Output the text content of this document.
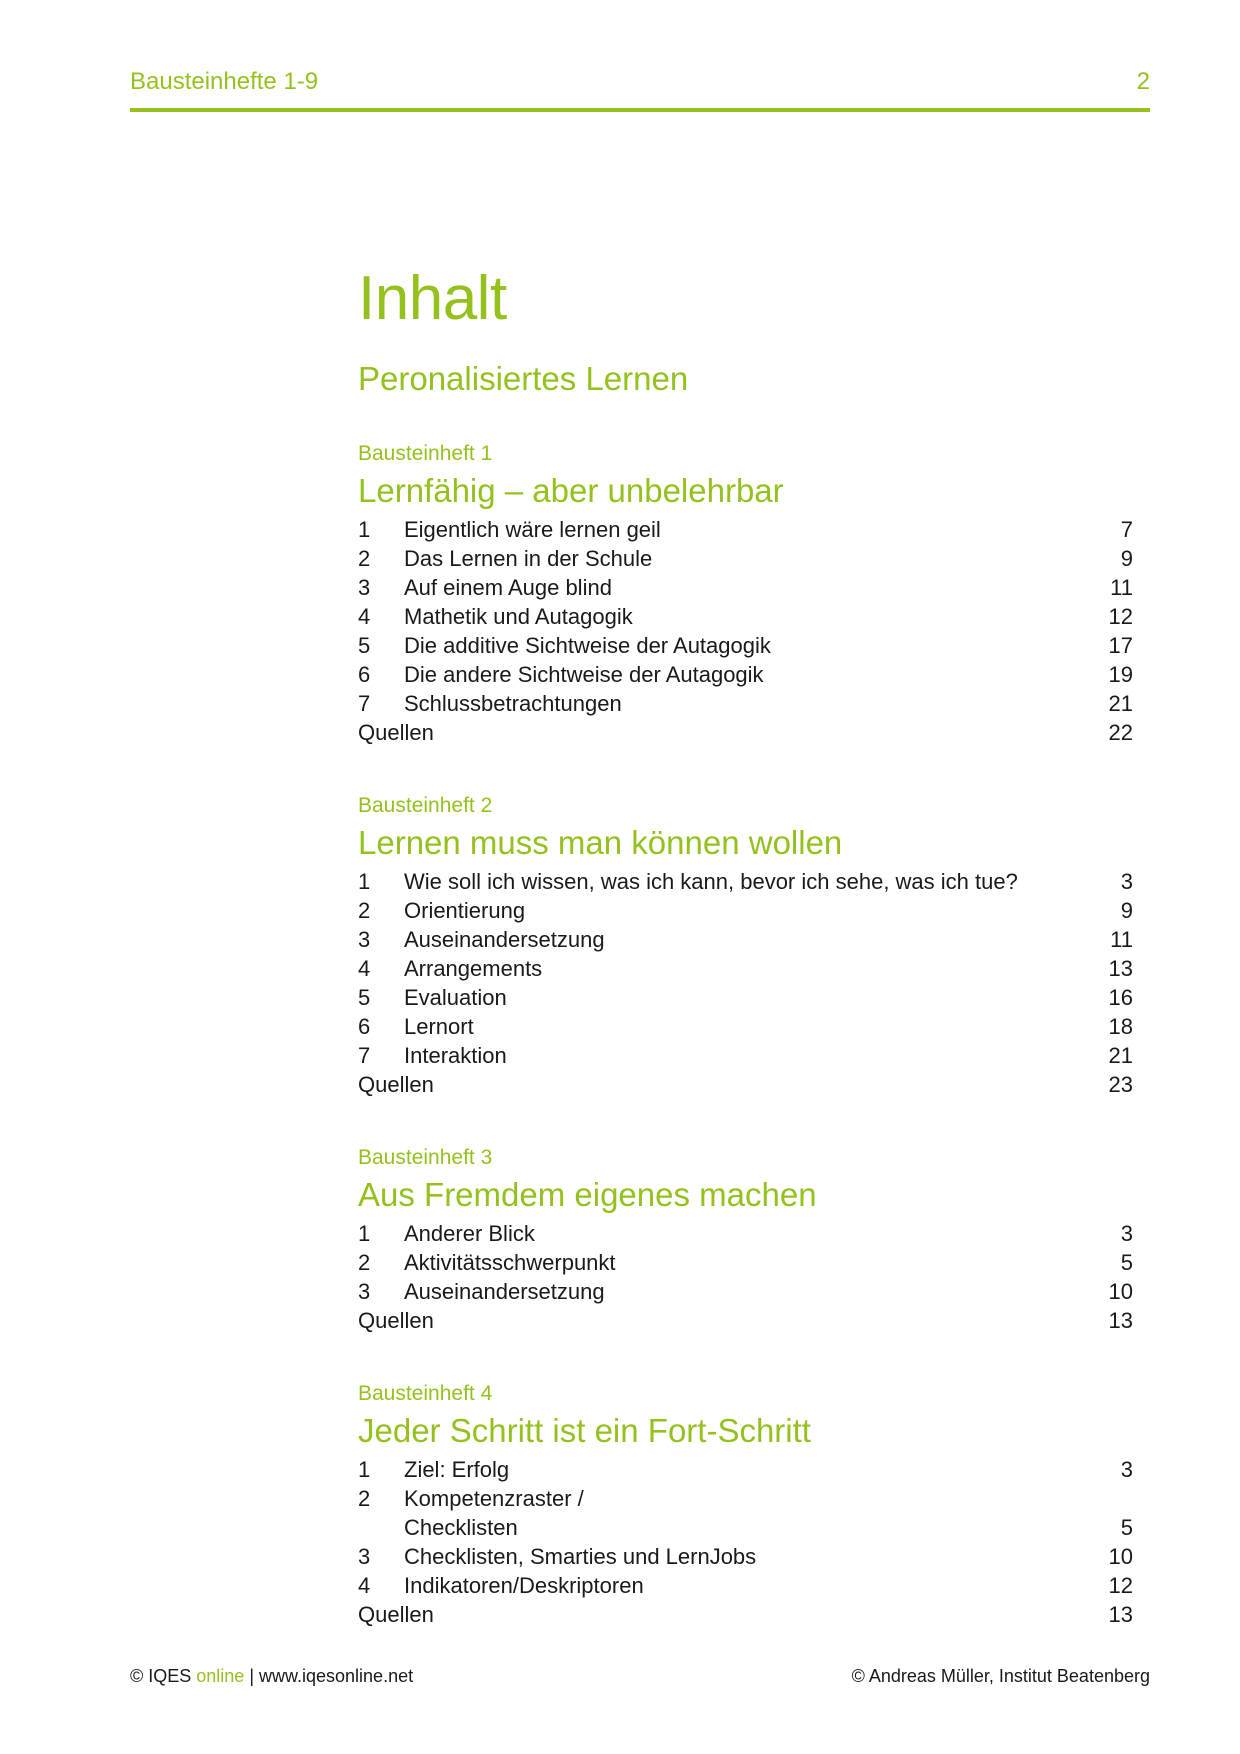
Bausteinhefte 1-9	2
Inhalt
Peronalisiertes Lernen
Bausteinheft 1
Lernfähig – aber unbelehrbar
1	Eigentlich wäre lernen geil	7
2	Das Lernen in der Schule	9
3	Auf einem Auge blind	11
4	Mathetik und Autagogik	12
5	Die additive Sichtweise der Autagogik	17
6	Die andere Sichtweise der Autagogik	19
7	Schlussbetrachtungen	21
Quellen	22
Bausteinheft 2
Lernen muss man können wollen
1	Wie soll ich wissen, was ich kann, bevor ich sehe, was ich tue?	3
2	Orientierung	9
3	Auseinandersetzung	11
4	Arrangements	13
5	Evaluation	16
6	Lernort	18
7	Interaktion	21
Quellen	23
Bausteinheft 3
Aus Fremdem eigenes machen
1	Anderer Blick	3
2	Aktivitätsschwerpunkt	5
3	Auseinandersetzung	10
Quellen	13
Bausteinheft 4
Jeder Schritt ist ein Fort-Schritt
1	Ziel: Erfolg	3
2	Kompetenzraster /
Checklisten	5
3	Checklisten, Smarties und LernJobs	10
4	Indikatoren/Deskriptoren	12
Quellen	13
© IQES online | www.iqesonline.net	© Andreas Müller, Institut Beatenberg
